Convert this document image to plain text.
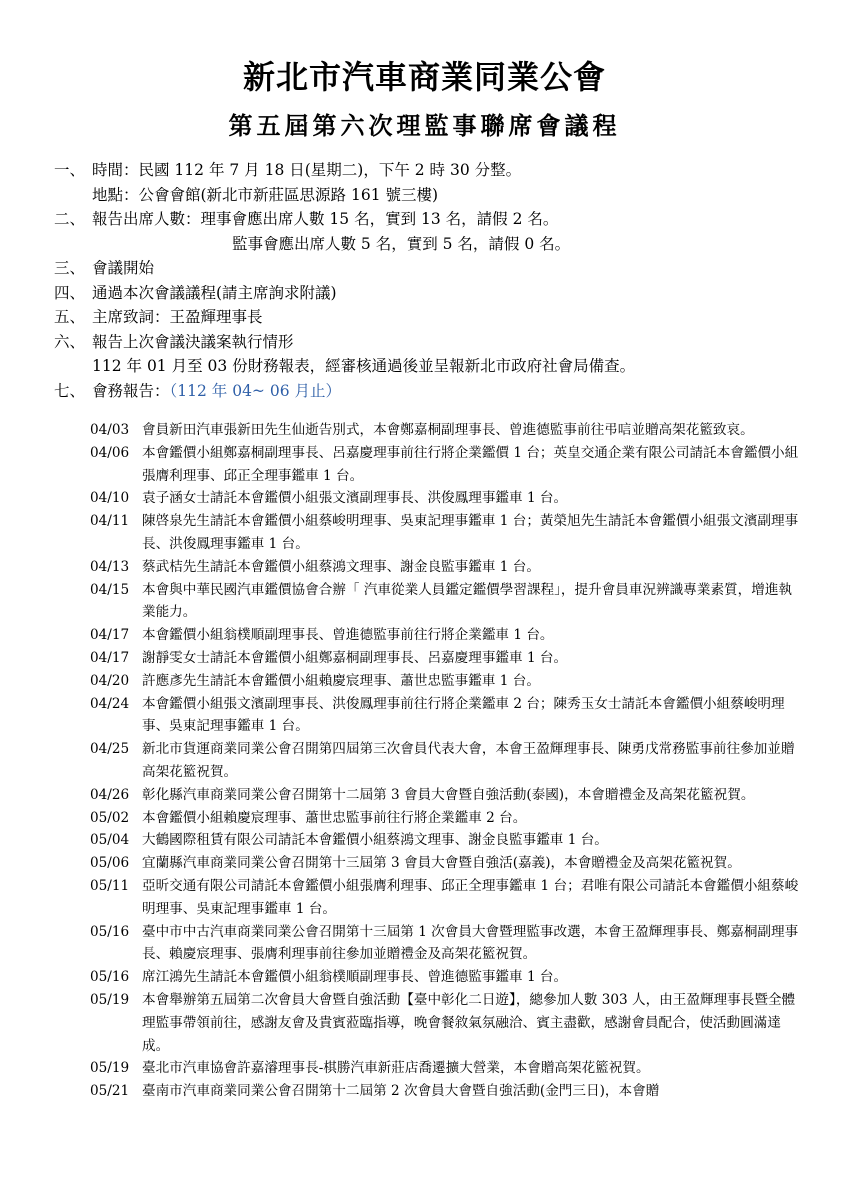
新北市汽車商業同業公會
第五屆第六次理監事聯席會議程
一、 時間：民國 112 年 7 月 18 日(星期二)，下午 2 時 30 分整。
地點：公會會館(新北市新莊區思源路 161 號三樓)
二、 報告出席人數：理事會應出席人數 15 名，實到 13 名，請假 2 名。
監事會應出席人數 5 名，實到 5 名，請假 0 名。
三、 會議開始
四、 通過本次會議議程(請主席詢求附議)
五、 主席致詞：王盈輝理事長
六、 報告上次會議決議案執行情形
112 年 01 月至 03 份財務報表，經審核通過後並呈報新北市政府社會局備查。
七、 會務報告：（112 年 04~ 06 月止）
04/03 會員新田汽車張新田先生仙逝告別式，本會鄭嘉桐副理事長、曾進德監事前往弔唁並贈高架花籃致哀。

04/06 本會鑑價小組鄭嘉桐副理事長、呂嘉慶理事前往行將企業鑑價 1 台；英皇交通企業有限公司請託本會鑑價小組張膺利理事、邱正全理事鑑車 1 台。

04/10 袁子涵女士請託本會鑑價小組張文濱副理事長、洪俊鳳理事鑑車 1 台。

04/11 陳啓泉先生請託本會鑑價小組蔡峻明理事、吳東記理事鑑車 1 台；黃榮旭先生請託本會鑑價小組張文濱副理事長、洪俊鳳理事鑑車 1 台。

04/13 蔡武桔先生請託本會鑑價小組蔡鴻文理事、謝金良監事鑑車 1 台。

04/15 本會與中華民國汽車鑑價協會合辦「 汽車從業人員鑑定鑑價學習課程」，提升會員車況辨識專業素質，增進執業能力。

04/17 本會鑑價小組翁樸順副理事長、曾進德監事前往行將企業鑑車 1 台。

04/17 謝靜雯女士請託本會鑑價小組鄭嘉桐副理事長、呂嘉慶理事鑑車 1 台。

04/20 許應彥先生請託本會鑑價小組賴慶宸理事、蕭世忠監事鑑車 1 台。

04/24 本會鑑價小組張文濱副理事長、洪俊鳳理事前往行將企業鑑車 2 台；陳秀玉女士請託本會鑑價小組蔡峻明理事、吳東記理事鑑車 1 台。

04/25 新北市貨運商業同業公會召開第四屆第三次會員代表大會，本會王盈輝理事長、陳勇戊常務監事前往參加並贈高架花籃祝賀。

04/26 彰化縣汽車商業同業公會召開第十二屆第 3 會員大會暨自強活動(泰國)，本會贈禮金及高架花籃祝賀。

05/02 本會鑑價小組賴慶宸理事、蕭世忠監事前往行將企業鑑車 2 台。

05/04 大鶴國際租賃有限公司請託本會鑑價小組蔡鴻文理事、謝金良監事鑑車 1 台。

05/06 宜蘭縣汽車商業同業公會召開第十三屆第 3 會員大會暨自強活(嘉義)，本會贈禮金及高架花籃祝賀。

05/11 亞昕交通有限公司請託本會鑑價小組張膺利理事、邱正全理事鑑車 1 台；君唯有限公司請託本會鑑價小組蔡峻明理事、吳東記理事鑑車 1 台。

05/16 臺中市中古汽車商業同業公會召開第十三屆第 1 次會員大會暨理監事改選，本會王盈輝理事長、鄭嘉桐副理事長、賴慶宸理事、張膺利理事前往參加並贈禮金及高架花籃祝賀。

05/16 席江鴻先生請託本會鑑價小組翁樸順副理事長、曾進德監事鑑車 1 台。

05/19 本會舉辦第五屆第二次會員大會暨自強活動【臺中彰化二日遊】，總參加人數 303 人，由王盈輝理事長暨全體理監事帶領前往，感謝友會及貴賓蒞臨指導，晚會餐敘氣氛融洽、賓主盡歡，感謝會員配合，使活動圓滿達成。

05/19 臺北市汽車協會許嘉濬理事長-棋勝汽車新莊店喬遷擴大營業，本會贈高架花籃祝賀。

05/21 臺南市汽車商業同業公會召開第十二屆第 2 次會員大會暨自強活動(金門三日)，本會贈
